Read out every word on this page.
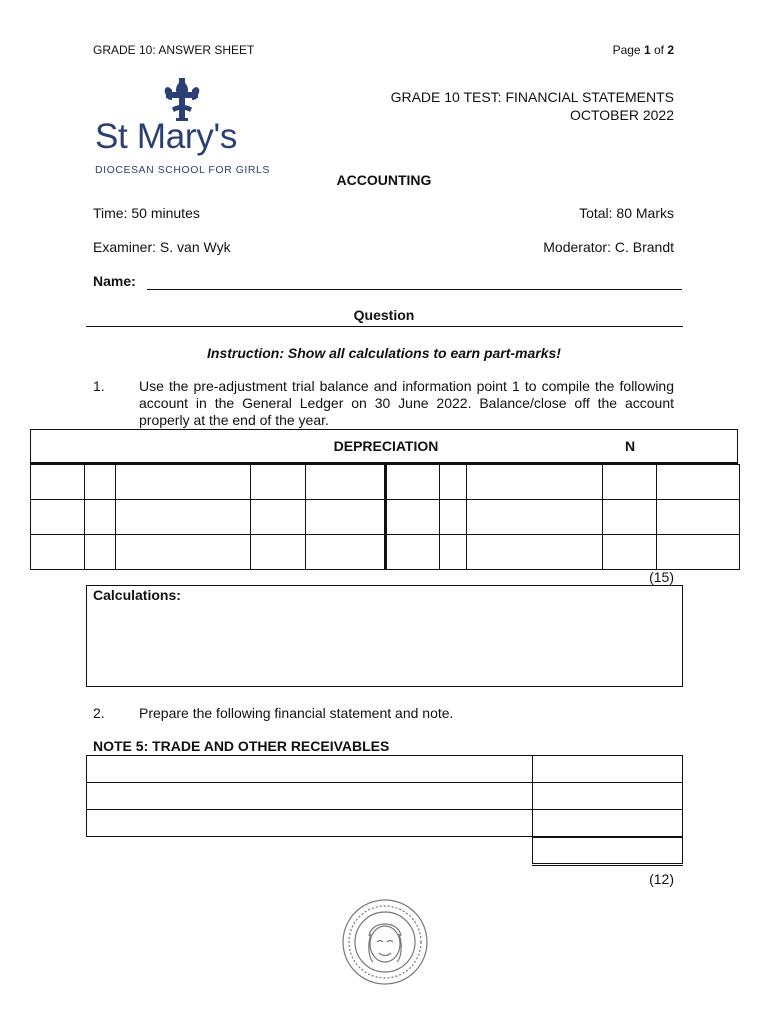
GRADE 10: ANSWER SHEET	Page 1 of 2
St Mary's
DIOCESAN SCHOOL FOR GIRLS
GRADE 10 TEST: FINANCIAL STATEMENTS
OCTOBER 2022
ACCOUNTING
Time: 50 minutes	Total: 80 Marks
Examiner: S. van Wyk	Moderator: C. Brandt
Name:
Question
Instruction: Show all calculations to earn part-marks!
1. Use the pre-adjustment trial balance and information point 1 to compile the following account in the General Ledger on 30 June 2022. Balance/close off the account properly at the end of the year.
DEPRECIATION	N

(15)
Calculations:
2. Prepare the following financial statement and note.
NOTE 5: TRADE AND OTHER RECEIVABLES

(12)
